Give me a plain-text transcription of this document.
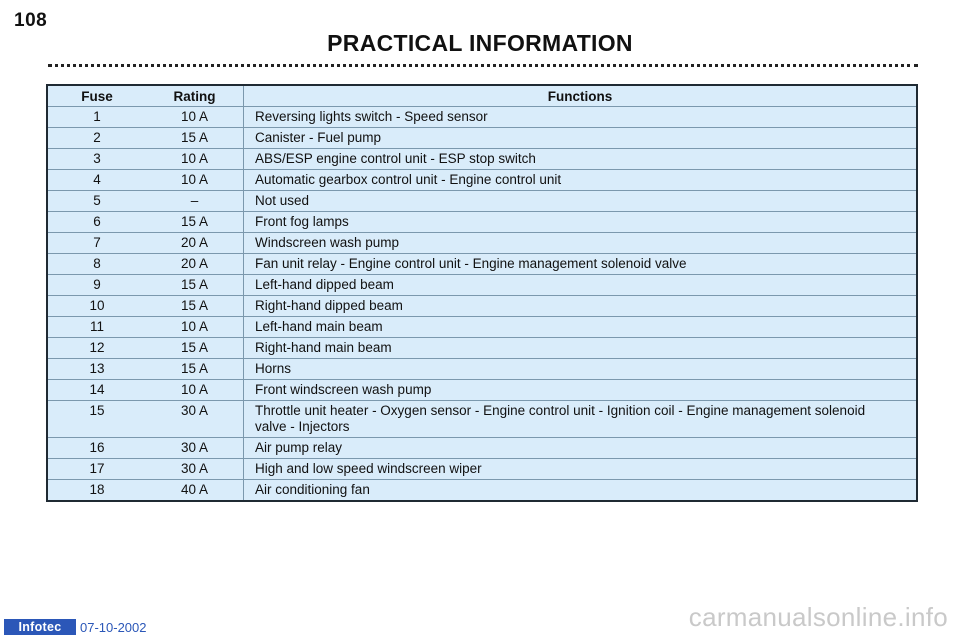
108
PRACTICAL INFORMATION
Fuse	Rating	Functions
1	10 A	Reversing lights switch - Speed sensor
2	15 A	Canister - Fuel pump
3	10 A	ABS/ESP engine control unit - ESP stop switch
4	10 A	Automatic gearbox control unit - Engine control unit
5	–	Not used
6	15 A	Front fog lamps
7	20 A	Windscreen wash pump
8	20 A	Fan unit relay - Engine control unit - Engine management solenoid valve
9	15 A	Left-hand dipped beam
10	15 A	Right-hand dipped beam
11	10 A	Left-hand main beam
12	15 A	Right-hand main beam
13	15 A	Horns
14	10 A	Front windscreen wash pump
15	30 A	Throttle unit heater - Oxygen sensor - Engine control unit - Ignition coil - Engine management solenoid valve - Injectors
16	30 A	Air pump relay
17	30 A	High and low speed windscreen wiper
18	40 A	Air conditioning fan
Infotec 07-10-2002	carmanualsonline.info
